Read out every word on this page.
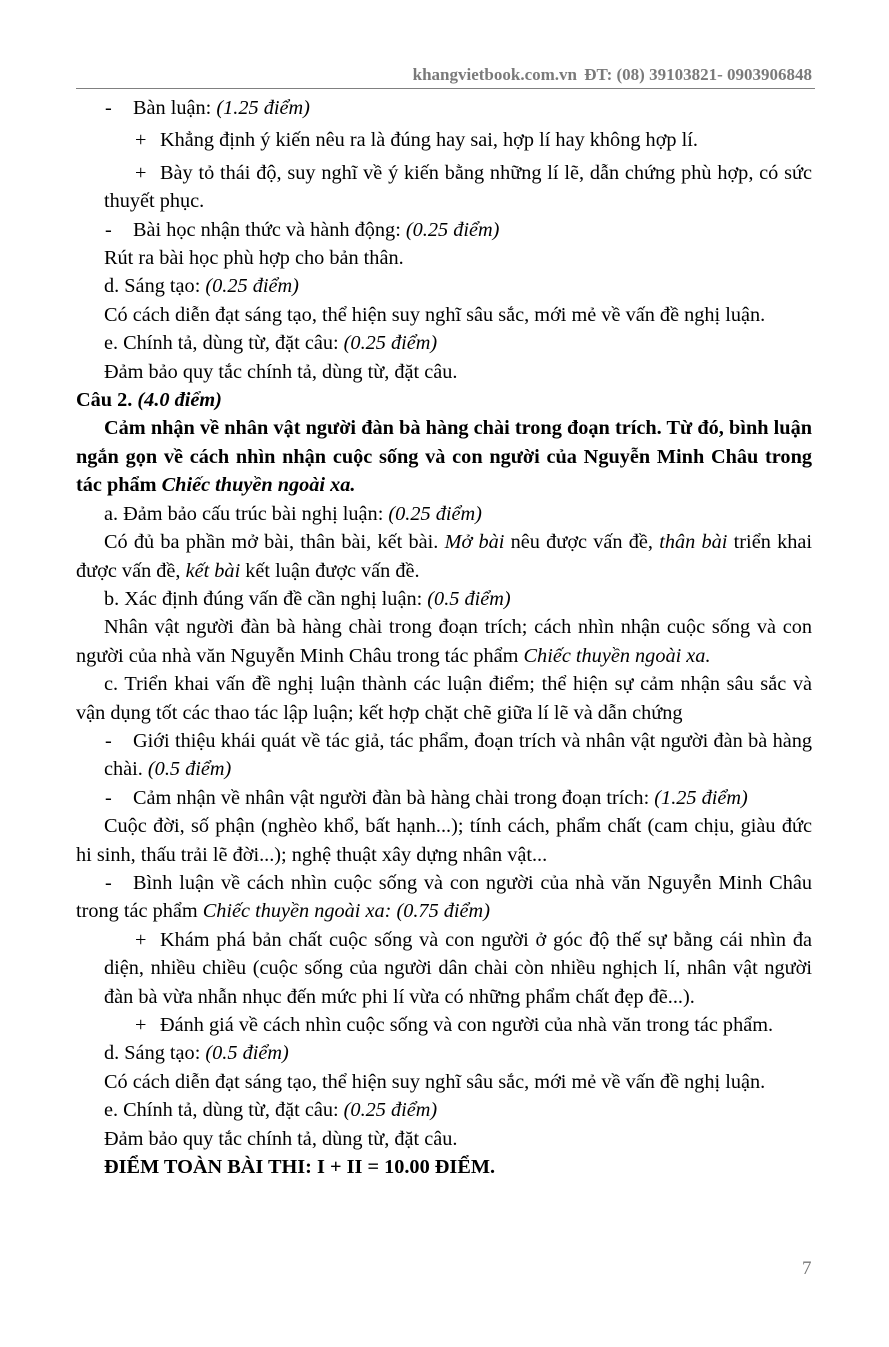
khangvietbook.com.vn ĐT: (08) 39103821- 0903906848

- Bàn luận: (1.25 điểm)

+ Khẳng định ý kiến nêu ra là đúng hay sai, hợp lí hay không hợp lí.

+ Bày tỏ thái độ, suy nghĩ về ý kiến bằng những lí lẽ, dẫn chứng phù hợp, có sức thuyết phục.

- Bài học nhận thức và hành động: (0.25 điểm)

Rút ra bài học phù hợp cho bản thân.

d. Sáng tạo: (0.25 điểm)

Có cách diễn đạt sáng tạo, thể hiện suy nghĩ sâu sắc, mới mẻ về vấn đề nghị luận.

e. Chính tả, dùng từ, đặt câu: (0.25 điểm)

Đảm bảo quy tắc chính tả, dùng từ, đặt câu.

Câu 2. (4.0 điểm)

Cảm nhận về nhân vật người đàn bà hàng chài trong đoạn trích. Từ đó, bình luận ngắn gọn về cách nhìn nhận cuộc sống và con người của Nguyễn Minh Châu trong tác phẩm Chiếc thuyền ngoài xa.

a. Đảm bảo cấu trúc bài nghị luận: (0.25 điểm)

Có đủ ba phần mở bài, thân bài, kết bài. Mở bài nêu được vấn đề, thân bài triển khai được vấn đề, kết bài kết luận được vấn đề.

b. Xác định đúng vấn đề cần nghị luận: (0.5 điểm)

Nhân vật người đàn bà hàng chài trong đoạn trích; cách nhìn nhận cuộc sống và con người của nhà văn Nguyễn Minh Châu trong tác phẩm Chiếc thuyền ngoài xa.

c. Triển khai vấn đề nghị luận thành các luận điểm; thể hiện sự cảm nhận sâu sắc và vận dụng tốt các thao tác lập luận; kết hợp chặt chẽ giữa lí lẽ và dẫn chứng

- Giới thiệu khái quát về tác giả, tác phẩm, đoạn trích và nhân vật người đàn bà hàng chài. (0.5 điểm)

- Cảm nhận về nhân vật người đàn bà hàng chài trong đoạn trích: (1.25 điểm)

Cuộc đời, số phận (nghèo khổ, bất hạnh...); tính cách, phẩm chất (cam chịu, giàu đức hi sinh, thấu trải lẽ đời...); nghệ thuật xây dựng nhân vật...

- Bình luận về cách nhìn cuộc sống và con người của nhà văn Nguyễn Minh Châu trong tác phẩm Chiếc thuyền ngoài xa: (0.75 điểm)

+ Khám phá bản chất cuộc sống và con người ở góc độ thế sự bằng cái nhìn đa diện, nhiều chiều (cuộc sống của người dân chài còn nhiều nghịch lí, nhân vật người đàn bà vừa nhẫn nhục đến mức phi lí vừa có những phẩm chất đẹp đẽ...).

+ Đánh giá về cách nhìn cuộc sống và con người của nhà văn trong tác phẩm.

d. Sáng tạo: (0.5 điểm)

Có cách diễn đạt sáng tạo, thể hiện suy nghĩ sâu sắc, mới mẻ về vấn đề nghị luận.

e. Chính tả, dùng từ, đặt câu: (0.25 điểm)

Đảm bảo quy tắc chính tả, dùng từ, đặt câu.

ĐIỂM TOÀN BÀI THI: I + II = 10.00 ĐIỂM.

7
